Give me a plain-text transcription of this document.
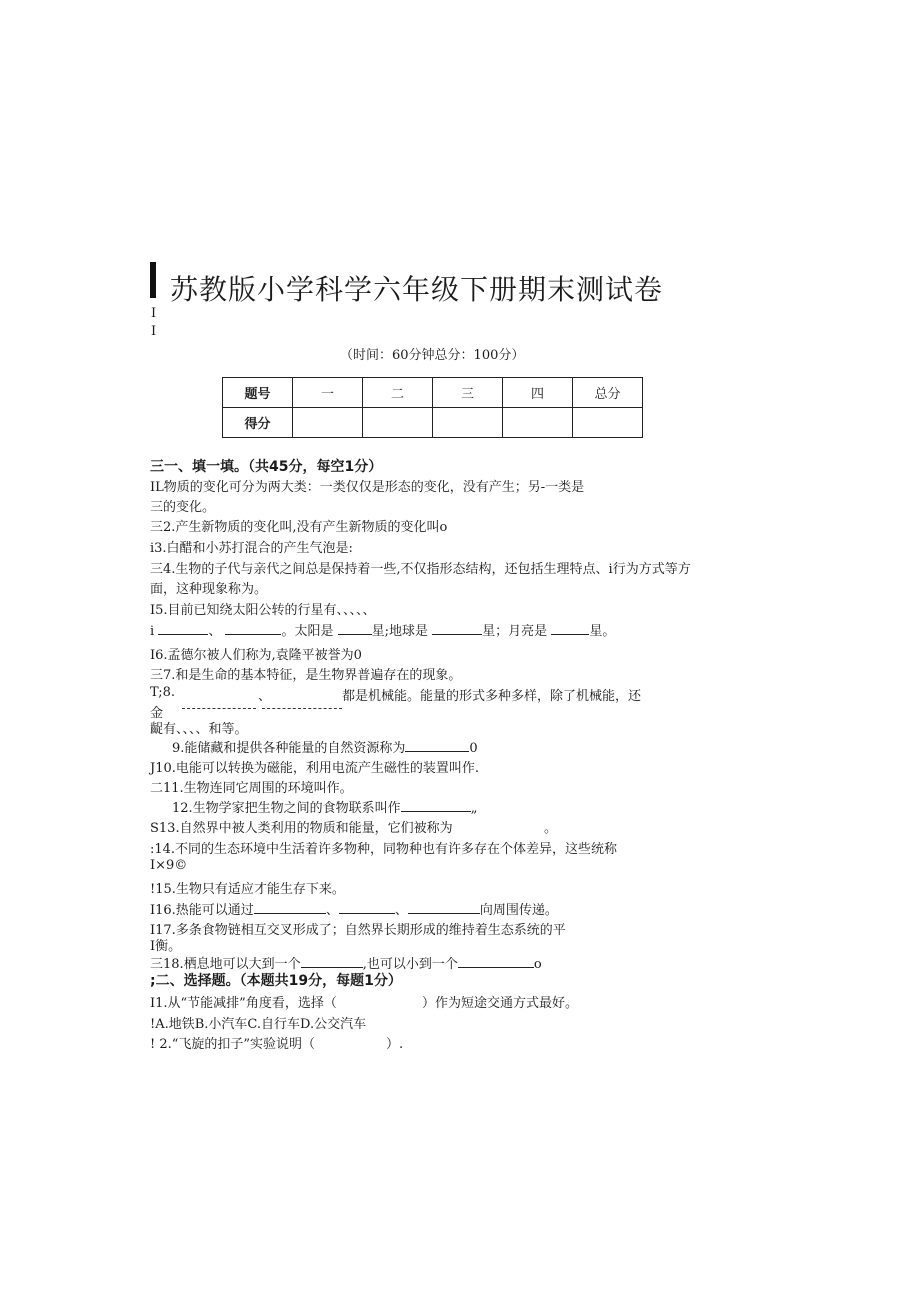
苏教版小学科学六年级下册期末测试卷
I
I
（时间：60分钟总分：100分）
题号	一	二	三	四	总分
得分					
三一、填一填。（共45分，每空1分）
IL物质的变化可分为两大类：一类仅仅是形态的变化，没有产生；另-一类是
三的变化。
三2.产生新物质的变化叫,没有产生新物质的变化叫o
i3.白醋和小苏打混合的产生气泡是:
三4.生物的子代与亲代之间总是保持着一些,不仅指形态结构，还包括生理特点、i行为方式等方
面，这种现象称为。
I5.目前已知绕太阳公转的行星有、、、、、
i	、	。太阳是	星;地球是	星；月亮是	星。
I6.孟德尔被人们称为,袁隆平被誉为0
三7.和是生命的基本特征，是生物界普遍存在的现象。
T;8.	、	都是机械能。能量的形式多种多样，除了机械能，还
金
齪有、、、、和等。
9.能储藏和提供各种能量的自然资源称为	0
J10.电能可以转换为磁能，利用电流产生磁性的装置叫作.
二11.生物连同它周围的环境叫作。
12.生物学家把生物之间的食物联系叫作	„
S13.自然界中被人类利用的物质和能量，它们被称为	。
:14.不同的生态环境中生活着许多物种，同物种也有许多存在个体差异，这些统称
I×9©
!15.生物只有适应才能生存下来。
I16.热能可以通过	、	、	向周围传递。
I17.多条食物链相互交叉形成了；自然界长期形成的维持着生态系统的平
I衡。
三18.栖息地可以大到一个	,也可以小到一个	o
;二、选择题。（本题共19分，每题1分）
I1.从“节能减排”角度看，选择（	）作为短途交通方式最好。
!A.地铁B.小汽车C.自行车D.公交汽车
! 2.“飞旋的扣子”实验说明（	）.
